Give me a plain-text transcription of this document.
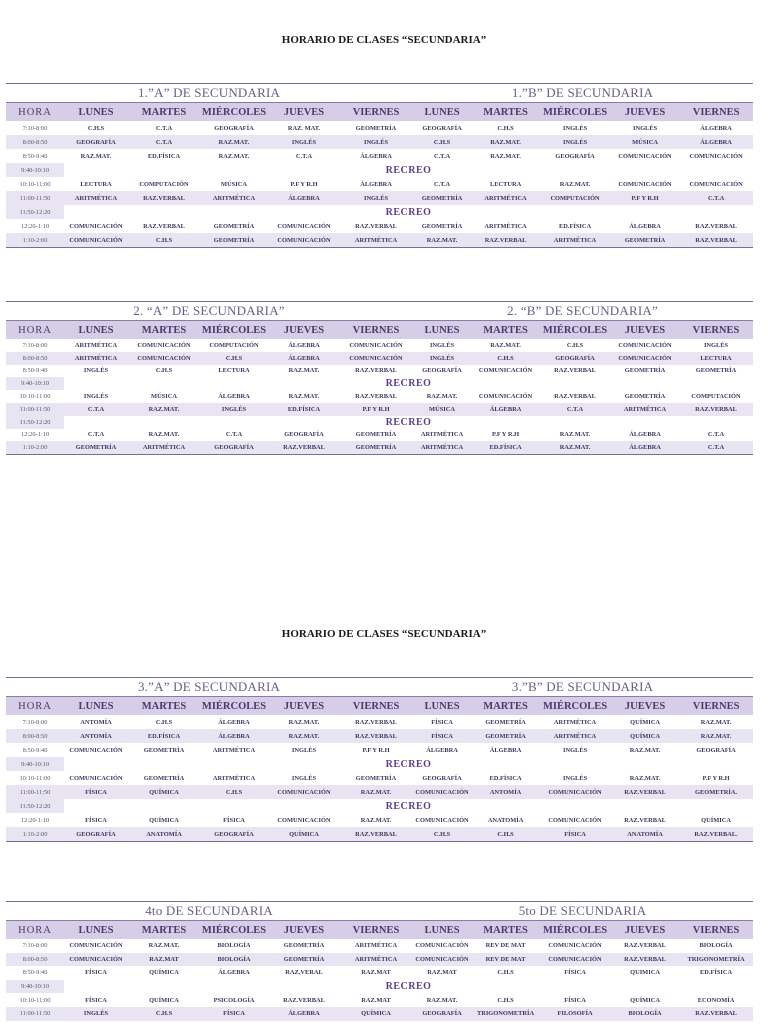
HORARIO DE CLASES “SECUNDARIA”
HORARIO DE CLASES “SECUNDARIA”
1.”A” DE SECUNDARIA						1.”B” DE SECUNDARIA				
HORA	LUNES	MARTES	MIÉRCOLES	JUEVES	VIERNES	LUNES	MARTES	MIÉRCOLES	JUEVES	VIERNES
7:10-8:00	C.H.S	C.T.A	GEOGRAFÍA	RAZ. MAT.	GEOMETRÍA	GEOGRAFÍA	C.H.S	INGLÉS	INGLÉS	ÁLGEBRA
8:00-8:50	GEOGRAFÍA	C.T.A	RAZ.MAT.	INGLÉS	INGLÉS	C.H.S	RAZ.MAT.	INGLÉS	MÚSICA	ÁLGEBRA
8:50-9:40	RAZ.MAT.	ED.FÍSICA	RAZ.MAT.	C.T.A	ÁLGEBRA	C.T.A	RAZ.MAT.	GEOGRAFÍA	COMUNICACIÓN	COMUNICACIÓN
9:40-10:10	RECREO									
10:10-11:00	LECTURA	COMPUTACIÓN	MÚSICA	P.F Y R.H	ÁLGEBRA	C.T.A	LECTURA	RAZ.MAT.	COMUNICACIÓN	COMUNICACIÓN
11:00-11:50	ARITMÉTICA	RAZ.VERBAL	ARITMÉTICA	ÁLGEBRA	INGLÉS	GEOMETRÍA	ARITMÉTICA	COMPUTACIÓN	P.F Y R.H	C.T.A
11:50-12:20	RECREO									
12:20-1:10	COMUNICACIÓN	RAZ.VERBAL	GEOMETRÍA	COMUNICACIÓN	RAZ.VERBAL	GEOMETRÍA	ARITMÉTICA	ED.FÍSICA	ÁLGEBRA	RAZ.VERBAL
1:10-2:00	COMUNICACIÓN	C.H.S	GEOMETRÍA	COMUNICACIÓN	ARITMÉTICA	RAZ.MAT.	RAZ.VERBAL	ARITMÉTICA	GEOMETRÍA	RAZ.VERBAL
2. “A” DE SECUNDARIA”						2. “B” DE SECUNDARIA”				
HORA	LUNES	MARTES	MIÉRCOLES	JUEVES	VIERNES	LUNES	MARTES	MIÉRCOLES	JUEVES	VIERNES
7:10-8:00	ARITMÉTICA	COMUNICACIÓN	COMPUTACIÓN	ÁLGEBRA	COMUNICACIÓN	INGLÉS	RAZ.MAT.	C.H.S	COMUNICACIÓN	INGLÉS
8:00-8:50	ARITMÉTICA	COMUNICACIÓN	C.H.S	ÁLGEBRA	COMUNICACIÓN	INGLÉS	C.H.S	GEOGRAFÍA	COMUNICACIÓN	LECTURA
8:50-9:40	INGLÉS	C.H.S	LECTURA	RAZ.MAT.	RAZ.VERBAL	GEOGRAFÍA	COMUNICACIÓN	RAZ.VERBAL	GEOMETRÍA	GEOMETRÍA
9:40-10:10	RECREO									
10:10-11:00	INGLÉS	MÚSICA	ÁLGEBRA	RAZ.MAT.	RAZ.VERBAL	RAZ.MAT.	COMUNICACIÓN	RAZ.VERBAL	GEOMETRÍA	COMPUTACIÓN
11:00-11:50	C.T.A	RAZ.MAT.	INGLÉS	ED.FÍSICA	P.F Y R.H	MÚSICA	ÁLGEBRA	C.T.A	ARITMÉTICA	RAZ.VERBAL
11:50-12:20	RECREO									
12:20-1:10	C.T.A	RAZ.MAT.	C.T.A	GEOGRAFÍA	GEOMETRÍA	ARITMÉTICA	P.F Y R.H	RAZ.MAT.	ÁLGEBRA	C.T.A
1:10-2:00	GEOMETRÍA	ARITMÉTICA	GEOGRAFÍA	RAZ.VERBAL	GEOMETRÍA	ARITMÉTICA	ED.FÍSICA	RAZ.MAT.	ÁLGEBRA	C.T.A
3.”A” DE SECUNDARIA						3.”B” DE SECUNDARIA				
HORA	LUNES	MARTES	MIÉRCOLES	JUEVES	VIERNES	LUNES	MARTES	MIÉRCOLES	JUEVES	VIERNES
7:10-8:00	ANTOMÍA	C.H.S	ÁLGEBRA	RAZ.MAT.	RAZ.VERBAL	FÍSICA	GEOMETRÍA	ARITMÉTICA	QUÍMICA	RAZ.MAT.
8:00-8:50	ANTOMÍA	ED.FÍSICA	ÁLGEBRA	RAZ.MAT.	RAZ.VERBAL	FÍSICA	GEOMETRÍA	ARITMÉTICA	QUÍMICA	RAZ.MAT.
8:50-9:40	COMUNICACIÓN	GEOMETRÍA	ARITMÉTICA	INGLÉS	P.F Y R.H	ÁLGEBRA	ÁLGEBRA	INGLÉS	RAZ.MAT.	GEOGRAFÍA
9:40-10:10	RECREO									
10:10-11:00	COMUNICACIÓN	GEOMETRÍA	ARITMÉTICA	INGLÉS	GEOMETRÍA	GEOGRAFÍA	ED.FÍSICA	INGLÉS	RAZ.MAT.	P.F Y R.H
11:00-11:50	FÍSICA	QUÍMICA	C.H.S	COMUNICACIÓN	RAZ.MAT.	COMUNICACIÓN	ANTOMÍA	COMUNICACIÓN	RAZ.VERBAL	GEOMETRÍA.
11:50-12:20	RECREO									
12:20-1:10	FÍSICA	QUÍMICA	FÍSICA	COMUNICACIÓN	RAZ.MAT.	COMUNICACIÓN	ANATOMÍA	COMUNICACIÓN	RAZ.VERBAL	QUÍMICA
1:10-2:00	GEOGRAFÍA	ANATOMÍA	GEOGRAFÍA	QUÍMICA	RAZ.VERBAL	C.H.S	C.H.S	FÍSICA	ANATOMÍA	RAZ.VERBAL.
4to DE SECUNDARIA						5to DE SECUNDARIA				
HORA	LUNES	MARTES	MIÉRCOLES	JUEVES	VIERNES	LUNES	MARTES	MIÉRCOLES	JUEVES	VIERNES
7:10-8:00	COMUNICACIÓN	RAZ.MAT.	BIOLOGÍA	GEOMETRÍA	ARITMÉTICA	COMUNICACIÓN	REV DE MAT	COMUNICACIÓN	RAZ.VERBAL	BIOLOGÍA
8:00-8:50	COMUNICACIÓN	RAZ.MAT	BIOLOGÍA	GEOMETRÍA	ARITMÉTICA	COMUNICACIÓN	REV DE MAT	COMUNICACIÓN	RAZ.VERBAL	TRIGONOMETRÍA
8:50-9:40	FÍSICA	QUÍMICA	ÁLGEBRA	RAZ.VERAL	RAZ.MAT	RAZ.MAT	C.H.S	FÍSICA	QUIMICA	ED.FÍSICA
9:40-10:10	RECREO									
10:10-11:00	FÍSICA	QUÍMICA	PSICOLOGÍA	RAZ.VERBAL	RAZ.MAT	RAZ.MAT.	C.H.S	FÍSICA	QUÍMICA	ECONOMÍA
11:00-11:50	INGLÉS	C.H.S	FÍSICA	ÁLGEBRA	QUÍMICA	GEOGRAFÍA	TRIGONOMETRÍA	FILOSOFÍA	BIOLOGÍA	RAZ.VERBAL
